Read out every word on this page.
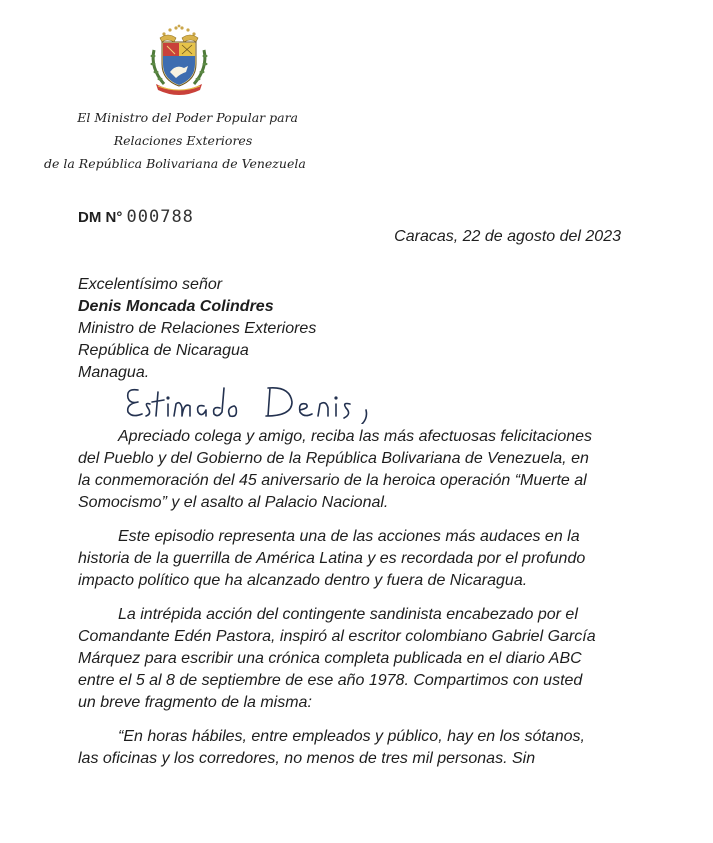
El Ministro del Poder Popular para
Relaciones Exteriores
de la República Bolivariana de Venezuela
DM N° 000788
Caracas, 22 de agosto del 2023
Excelentísimo señor
Denis Moncada Colindres
Ministro de Relaciones Exteriores
República de Nicaragua
Managua.

Apreciado colega y amigo, reciba las más afectuosas felicitaciones
del Pueblo y del Gobierno de la República Bolivariana de Venezuela, en
la conmemoración del 45 aniversario de la heroica operación “Muerte al
Somocismo” y el asalto al Palacio Nacional.

Este episodio representa una de las acciones más audaces en la
historia de la guerrilla de América Latina y es recordada por el profundo
impacto político que ha alcanzado dentro y fuera de Nicaragua.

La intrépida acción del contingente sandinista encabezado por el
Comandante Edén Pastora, inspiró al escritor colombiano Gabriel García
Márquez para escribir una crónica completa publicada en el diario ABC
entre el 5 al 8 de septiembre de ese año 1978. Compartimos con usted
un breve fragmento de la misma:

“En horas hábiles, entre empleados y público, hay en los sótanos,
las oficinas y los corredores, no menos de tres mil personas. Sin
